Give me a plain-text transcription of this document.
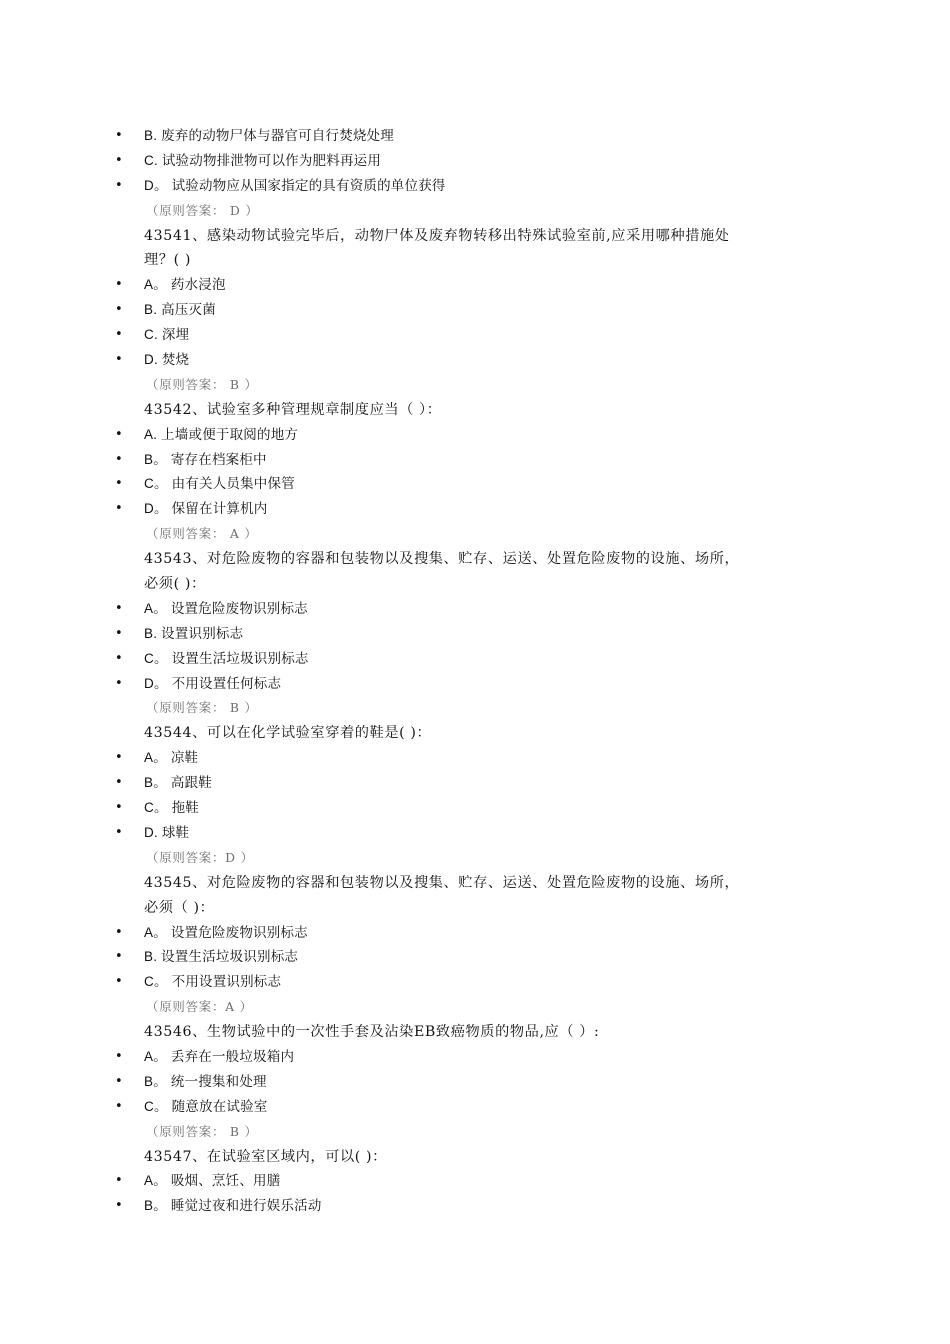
• B. 废弃的动物尸体与器官可自行焚烧处理
• C. 试验动物排泄物可以作为肥料再运用
• D。 试验动物应从国家指定的具有资质的单位获得
（原则答案： D ）
43541、感染动物试验完毕后，动物尸体及废弃物转移出特殊试验室前,应采用哪种措施处
理？( )
• A。 药水浸泡
• B. 高压灭菌
• C. 深埋
• D. 焚烧
（原则答案： B ）
43542、试验室多种管理规章制度应当（ ）：
• A. 上墙或便于取阅的地方
• B。 寄存在档案柜中
• C。 由有关人员集中保管
• D。 保留在计算机内
（原则答案： A ）
43543、对危险废物的容器和包装物以及搜集、贮存、运送、处置危险废物的设施、场所，
必须( )：
• A。 设置危险废物识别标志
• B. 设置识别标志
• C。 设置生活垃圾识别标志
• D。 不用设置任何标志
（原则答案： B ）
43544、可以在化学试验室穿着的鞋是( )：
• A。 凉鞋
• B。 高跟鞋
• C。 拖鞋
• D. 球鞋
（原则答案：D ）
43545、对危险废物的容器和包装物以及搜集、贮存、运送、处置危险废物的设施、场所，
必须（ )：
• A。 设置危险废物识别标志
• B. 设置生活垃圾识别标志
• C。 不用设置识别标志
（原则答案：A ）
43546、生物试验中的一次性手套及沾染EB致癌物质的物品,应（ ）:
• A。 丢弃在一般垃圾箱内
• B。 统一搜集和处理
• C。 随意放在试验室
（原则答案： B ）
43547、在试验室区域内，可以( )：
• A。 吸烟、烹饪、用膳
• B。 睡觉过夜和进行娱乐活动
